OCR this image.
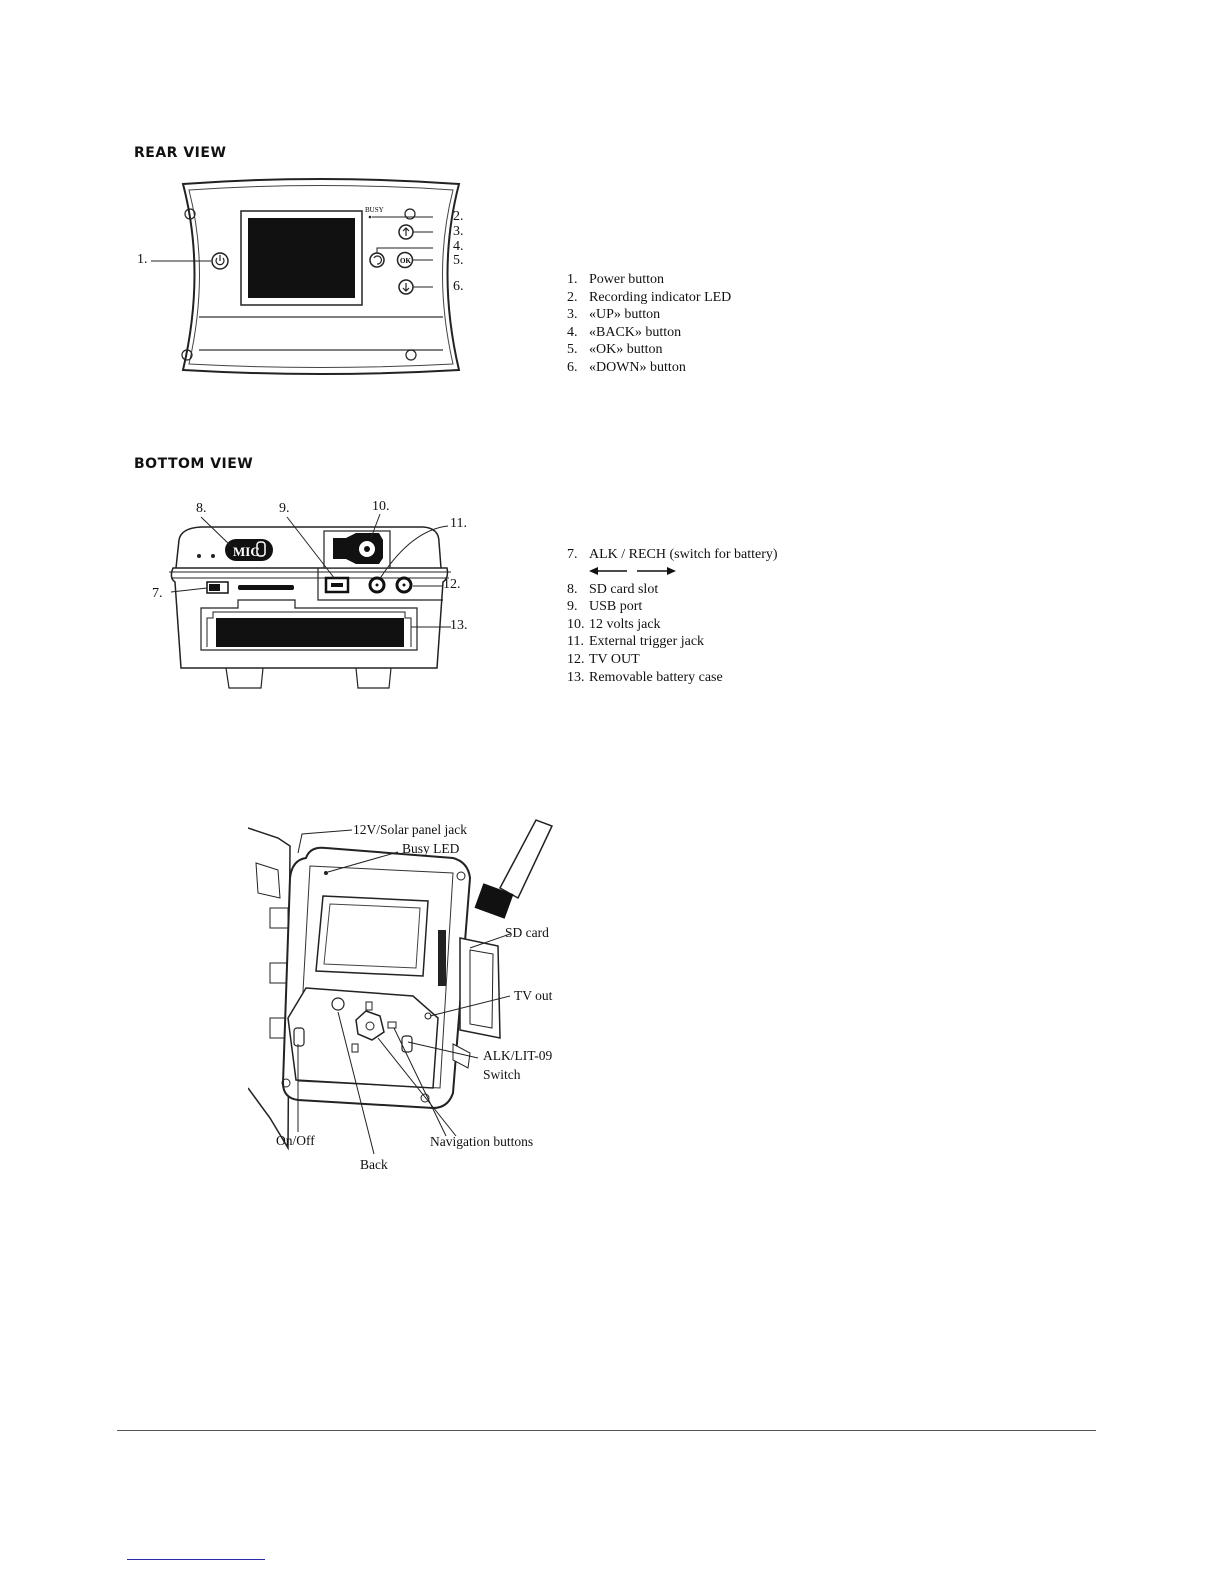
REAR VIEW
BUSY
OK
1.
2.
3.
4.
5.
6.	1. Power button
2. Recording indicator LED
3. «UP» button
4. «BACK» button
5. «OK» button
6. «DOWN» button
BOTTOM VIEW
MIC
8.	9.	10.
11.
12.
7.
13.
7. ALK / RECH (switch for battery)
8. SD card slot
9. USB port
10. 12 volts jack
11. External trigger jack
12. TV OUT
13. Removable battery case
12V/Solar panel jack
Busy LED
SD card
TV out
ALK/LIT-09
Switch
On/Off	Navigation buttons
Back
